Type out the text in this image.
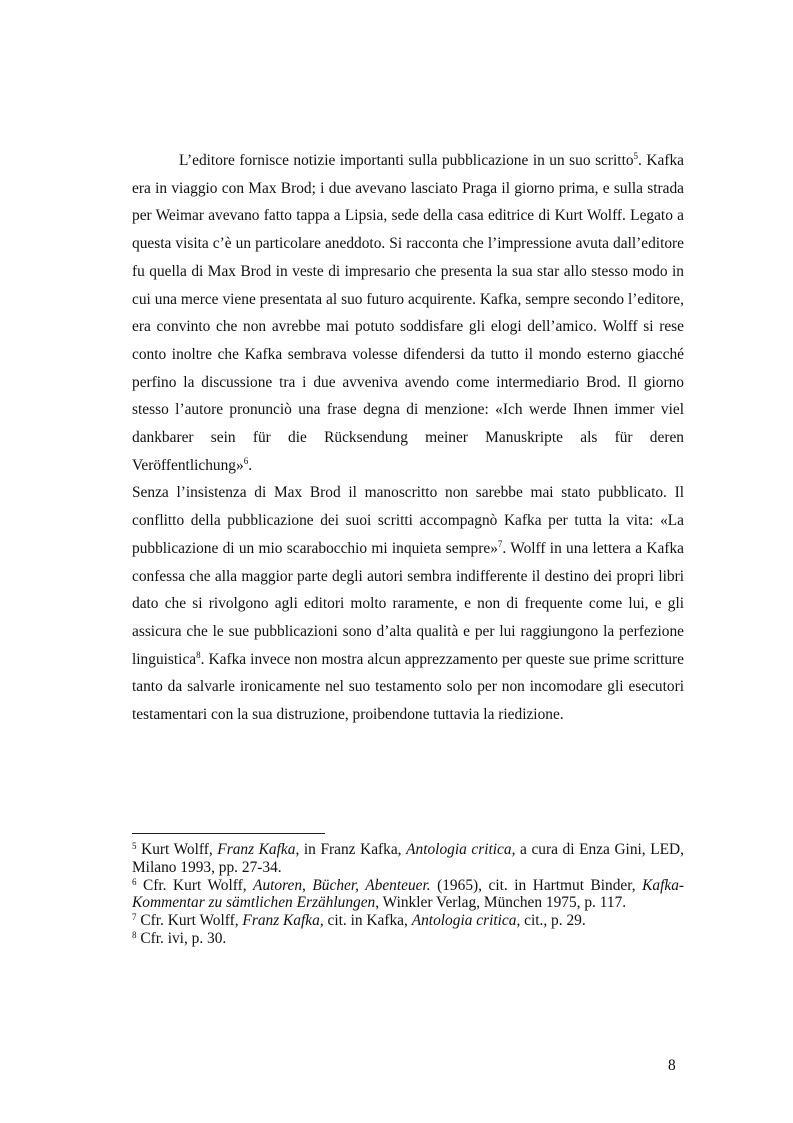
L’editore fornisce notizie importanti sulla pubblicazione in un suo scritto$^5$. Kafka era in viaggio con Max Brod; i due avevano lasciato Praga il giorno prima, e sulla strada per Weimar avevano fatto tappa a Lipsia, sede della casa editrice di Kurt Wolff. Legato a questa visita c’è un particolare aneddoto. Si racconta che l’impressione avuta dall’editore fu quella di Max Brod in veste di impresario che presenta la sua star allo stesso modo in cui una merce viene presentata al suo futuro acquirente. Kafka, sempre secondo l’editore, era convinto che non avrebbe mai potuto soddisfare gli elogi dell’amico. Wolff si rese conto inoltre che Kafka sembrava volesse difendersi da tutto il mondo esterno giacché perfino la discussione tra i due avveniva avendo come intermediario Brod. Il giorno stesso l’autore pronunciò una frase degna di menzione: «Ich werde Ihnen immer viel dankbarer sein für die Rücksendung meiner Manuskripte als für deren Veröffentlichung»$^6$.

Senza l’insistenza di Max Brod il manoscritto non sarebbe mai stato pubblicato. Il conflitto della pubblicazione dei suoi scritti accompagnò Kafka per tutta la vita: «La pubblicazione di un mio scarabocchio mi inquieta sempre»$^7$. Wolff in una lettera a Kafka confessa che alla maggior parte degli autori sembra indifferente il destino dei propri libri dato che si rivolgono agli editori molto raramente, e non di frequente come lui, e gli assicura che le sue pubblicazioni sono d’alta qualità e per lui raggiungono la perfezione linguistica$^8$. Kafka invece non mostra alcun apprezzamento per queste sue prime scritture tanto da salvarle ironicamente nel suo testamento solo per non incomodare gli esecutori testamentari con la sua distruzione, proibendone tuttavia la riedizione.

$^5$ Kurt Wolff, Franz Kafka, in Franz Kafka, Antologia critica, a cura di Enza Gini, LED, Milano 1993, pp. 27-34.

$^6$ Cfr. Kurt Wolff, Autoren, Bücher, Abenteuer. (1965), cit. in Hartmut Binder, Kafka-Kommentar zu sämtlichen Erzählungen, Winkler Verlag, München 1975, p. 117.

$^7$ Cfr. Kurt Wolff, Franz Kafka, cit. in Kafka, Antologia critica, cit., p. 29.

$^8$ Cfr. ivi, p. 30.

8
